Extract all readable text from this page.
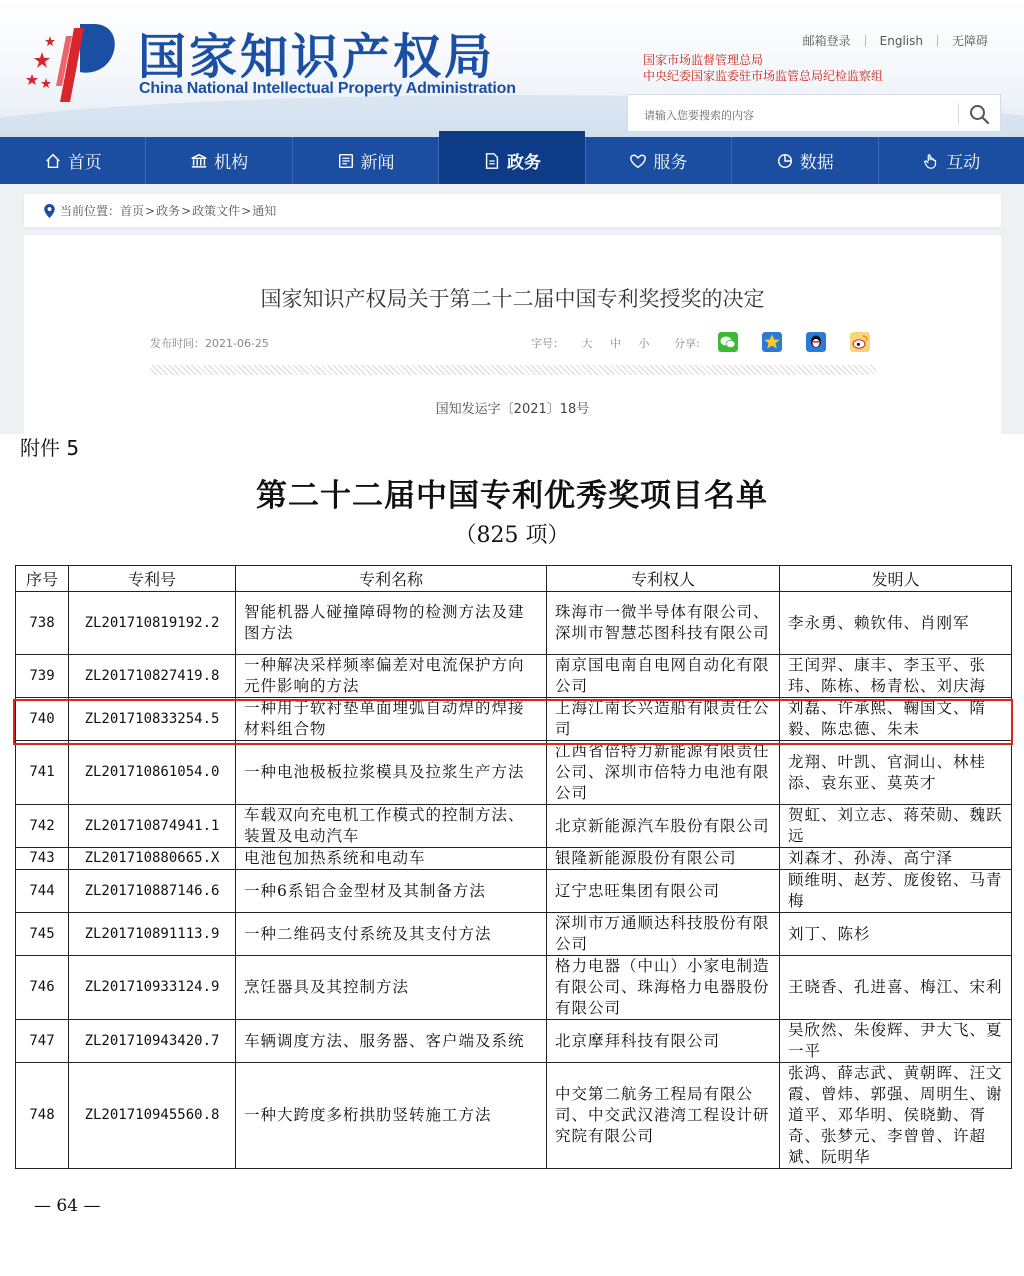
国家知识产权局
China National Intellectual Property Administration
邮箱登录 English 无障碍
国家市场监督管理总局
中央纪委国家监委驻市场监管总局纪检监察组
请输入您要搜索的内容
首页	机构	新闻	政务	服务	数据	互动
当前位置： 首页 > 政务 > 政策文件 > 通知
国家知识产权局关于第二十二届中国专利奖授奖的决定
发布时间：2021-06-25	字号： 大 中 小 分享:
国知发运字〔2021〕18号
附件 5
第二十二届中国专利优秀奖项目名单
（825 项）
序号	专利号	专利名称	专利权人	发明人
738	ZL201710819192.2	智能机器人碰撞障碍物的检测方法及建图方法	珠海市一微半导体有限公司、深圳市智慧芯图科技有限公司	李永勇、赖钦伟、肖刚军
739	ZL201710827419.8	一种解决采样频率偏差对电流保护方向元件影响的方法	南京国电南自电网自动化有限公司	王闰羿、康丰、李玉平、张玮、陈栋、杨青松、刘庆海
740	ZL201710833254.5	一种用于软衬垫单面埋弧自动焊的焊接材料组合物	上海江南长兴造船有限责任公司	刘磊、许承熙、鞠国文、隋毅、陈忠德、朱未
741	ZL201710861054.0	一种电池极板拉浆模具及拉浆生产方法	江西省倍特力新能源有限责任公司、深圳市倍特力电池有限公司	龙翔、叶凯、官洞山、林桂添、袁东亚、莫英才
742	ZL201710874941.1	车载双向充电机工作模式的控制方法、装置及电动汽车	北京新能源汽车股份有限公司	贺虹、刘立志、蒋荣勋、魏跃远
743	ZL201710880665.X	电池包加热系统和电动车	银隆新能源股份有限公司	刘森才、孙涛、高宁泽
744	ZL201710887146.6	一种6系铝合金型材及其制备方法	辽宁忠旺集团有限公司	顾维明、赵芳、庞俊铭、马青梅
745	ZL201710891113.9	一种二维码支付系统及其支付方法	深圳市万通顺达科技股份有限公司	刘丁、陈杉
746	ZL201710933124.9	烹饪器具及其控制方法	格力电器（中山）小家电制造有限公司、珠海格力电器股份有限公司	王晓香、孔进喜、梅江、宋利
747	ZL201710943420.7	车辆调度方法、服务器、客户端及系统	北京摩拜科技有限公司	吴欣然、朱俊辉、尹大飞、夏一平
748	ZL201710945560.8	一种大跨度多桁拱肋竖转施工方法	中交第二航务工程局有限公司、中交武汉港湾工程设计研究院有限公司	张鸿、薛志武、黄朝晖、汪文霞、曾炜、郭强、周明生、谢道平、邓华明、侯晓勤、胥奇、张梦元、李曾曾、许超斌、阮明华
— 64 —
